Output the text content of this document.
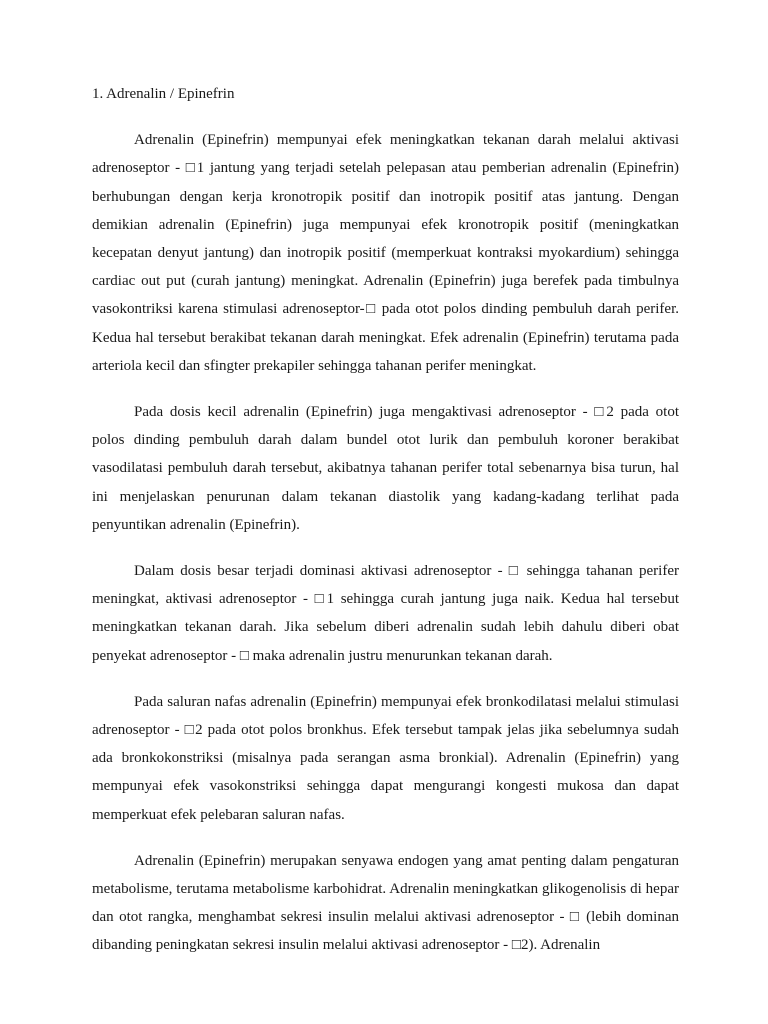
1. Adrenalin / Epinefrin

Adrenalin (Epinefrin) mempunyai efek meningkatkan tekanan darah melalui aktivasi adrenoseptor - □1 jantung yang terjadi setelah pelepasan atau pemberian adrenalin (Epinefrin) berhubungan dengan kerja kronotropik positif dan inotropik positif atas jantung. Dengan demikian adrenalin (Epinefrin) juga mempunyai efek kronotropik positif (meningkatkan kecepatan denyut jantung) dan inotropik positif (memperkuat kontraksi myokardium) sehingga cardiac out put (curah jantung) meningkat. Adrenalin (Epinefrin) juga berefek pada timbulnya vasokontriksi karena stimulasi adrenoseptor-□ pada otot polos dinding pembuluh darah perifer. Kedua hal tersebut berakibat tekanan darah meningkat. Efek adrenalin (Epinefrin) terutama pada arteriola kecil dan sfingter prekapiler sehingga tahanan perifer meningkat.

Pada dosis kecil adrenalin (Epinefrin) juga mengaktivasi adrenoseptor - □2 pada otot polos dinding pembuluh darah dalam bundel otot lurik dan pembuluh koroner berakibat vasodilatasi pembuluh darah tersebut, akibatnya tahanan perifer total sebenarnya bisa turun, hal ini menjelaskan penurunan dalam tekanan diastolik yang kadang-kadang terlihat pada penyuntikan adrenalin (Epinefrin).

Dalam dosis besar terjadi dominasi aktivasi adrenoseptor - □ sehingga tahanan perifer meningkat, aktivasi adrenoseptor - □1 sehingga curah jantung juga naik. Kedua hal tersebut meningkatkan tekanan darah. Jika sebelum diberi adrenalin sudah lebih dahulu diberi obat penyekat adrenoseptor - □ maka adrenalin justru menurunkan tekanan darah.

Pada saluran nafas adrenalin (Epinefrin) mempunyai efek bronkodilatasi melalui stimulasi adrenoseptor - □2 pada otot polos bronkhus. Efek tersebut tampak jelas jika sebelumnya sudah ada bronkokonstriksi (misalnya pada serangan asma bronkial). Adrenalin (Epinefrin) yang mempunyai efek vasokonstriksi sehingga dapat mengurangi kongesti mukosa dan dapat memperkuat efek pelebaran saluran nafas.

Adrenalin (Epinefrin) merupakan senyawa endogen yang amat penting dalam pengaturan metabolisme, terutama metabolisme karbohidrat. Adrenalin meningkatkan glikogenolisis di hepar dan otot rangka, menghambat sekresi insulin melalui aktivasi adrenoseptor - □ (lebih dominan dibanding peningkatan sekresi insulin melalui aktivasi adrenoseptor - □2). Adrenalin
